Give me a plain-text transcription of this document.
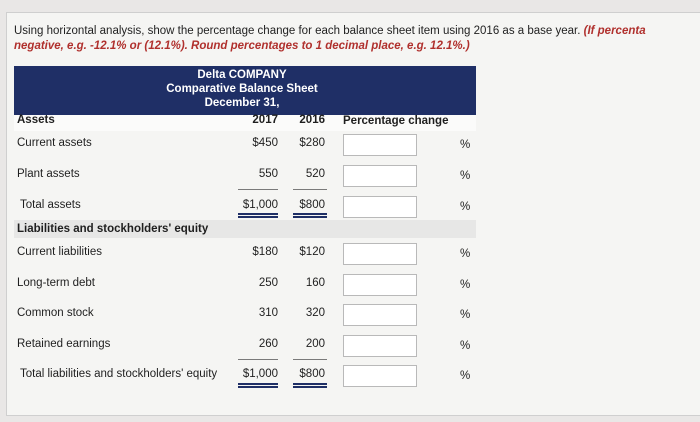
Using horizontal analysis, show the percentage change for each balance sheet item using 2016 as a base year. (If percenta
negative, e.g. -12.1% or (12.1%). Round percentages to 1 decimal place, e.g. 12.1%.)
Delta COMPANY
Comparative Balance Sheet
December 31,
Assets	2017	2016 Percentage change
Current assets	$450	$280	%
Plant assets	550	520	%
Total assets	$1,000	$800	%
Liabilities and stockholders' equity
Current liabilities	$180	$120	%
Long-term debt	250	160	%
Common stock	310	320	%
Retained earnings	260	200	%
Total liabilities and stockholders' equity	$1,000	$800	%
